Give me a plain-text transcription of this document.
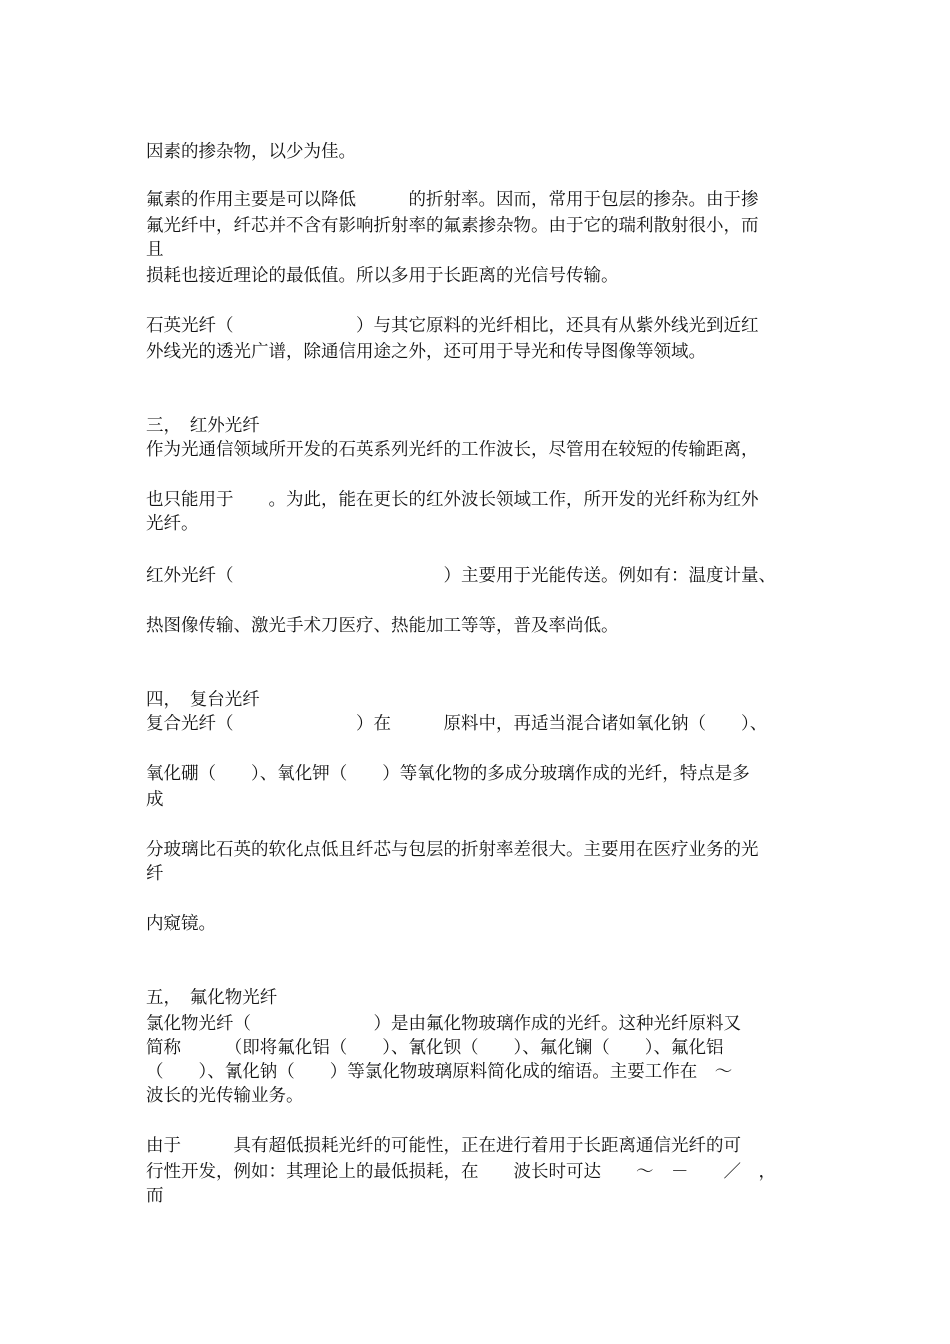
因素的掺杂物，以少为佳。
氟素的作用主要是可以降低　　　的折射率。因而，常用于包层的掺杂。由于掺
氟光纤中，纤芯并不含有影响折射率的氟素掺杂物。由于它的瑞利散射很小，而
且
损耗也接近理论的最低值。所以多用于长距离的光信号传输。
石英光纤（　　　　　　　）与其它原料的光纤相比，还具有从紫外线光到近红
外线光的透光广谱，除通信用途之外，还可用于导光和传导图像等领域。
三，　红外光纤
作为光通信领域所开发的石英系列光纤的工作波长，尽管用在较短的传输距离，
也只能用于　　。为此，能在更长的红外波长领域工作，所开发的光纤称为红外
光纤。
红外光纤（　　　　　　　　　　　　）主要用于光能传送。例如有：温度计量、
热图像传输、激光手术刀医疗、热能加工等等，普及率尚低。
四，　复台光纤
复合光纤（　　　　　　　）在　　　原料中，再适当混合诸如氧化钠（　　）、
氧化硼（　　）、氧化钾（　　）等氧化物的多成分玻璃作成的光纤，特点是多
成
分玻璃比石英的软化点低且纤芯与包层的折射率差很大。主要用在医疗业务的光
纤
内窥镜。
五，　氟化物光纤
氯化物光纤（　　　　　　　）是由氟化物玻璃作成的光纤。这种光纤原料又
简称　　　（即将氟化铝（　　）、氰化钡（　　）、氟化镧（　　）、氟化铝
（　　）、氰化钠（　　）等氯化物玻璃原料简化成的缩语。主要工作在　～
波长的光传输业务。
由于　　　具有超低损耗光纤的可能性，正在进行着用于长距离通信光纤的可
行性开发，例如：其理论上的最低损耗，在　　波长时可达　　～　－　　／　，
而
